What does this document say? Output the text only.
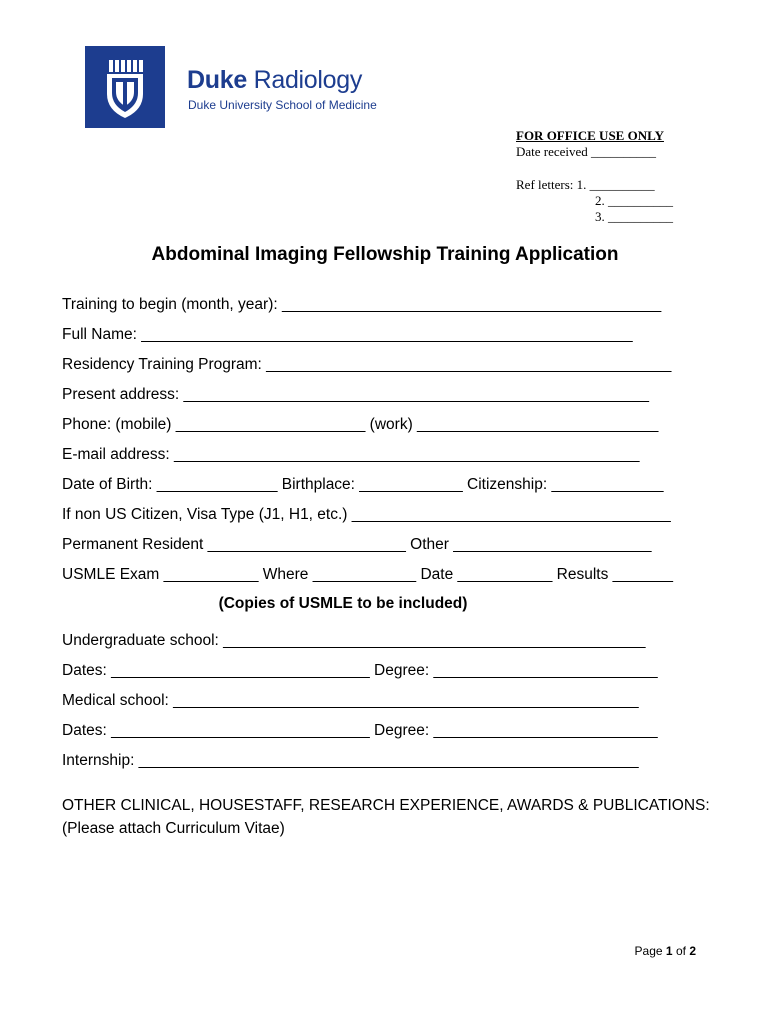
Duke Radiology
Duke University School of Medicine
FOR OFFICE USE ONLY
Date received __________
Ref letters: 1. __________
2. __________
3. __________
Abdominal Imaging Fellowship Training Application
Training to begin (month, year): ____________________________________________
Full Name: _________________________________________________________
Residency Training Program: _______________________________________________
Present address: ______________________________________________________
Phone: (mobile) ______________________ (work) ____________________________
E-mail address: ______________________________________________________
Date of Birth: ______________ Birthplace: ____________ Citizenship: _____________
If non US Citizen, Visa Type (J1, H1, etc.) _____________________________________
Permanent Resident _______________________ Other _______________________
USMLE Exam ___________ Where ____________ Date ___________ Results _______
(Copies of USMLE to be included)
Undergraduate school: _________________________________________________
Dates: ______________________________ Degree: __________________________
Medical school: ______________________________________________________
Dates: ______________________________ Degree: __________________________
Internship: __________________________________________________________
OTHER CLINICAL, HOUSESTAFF, RESEARCH EXPERIENCE, AWARDS & PUBLICATIONS:
(Please attach Curriculum Vitae)
Page 1 of 2
